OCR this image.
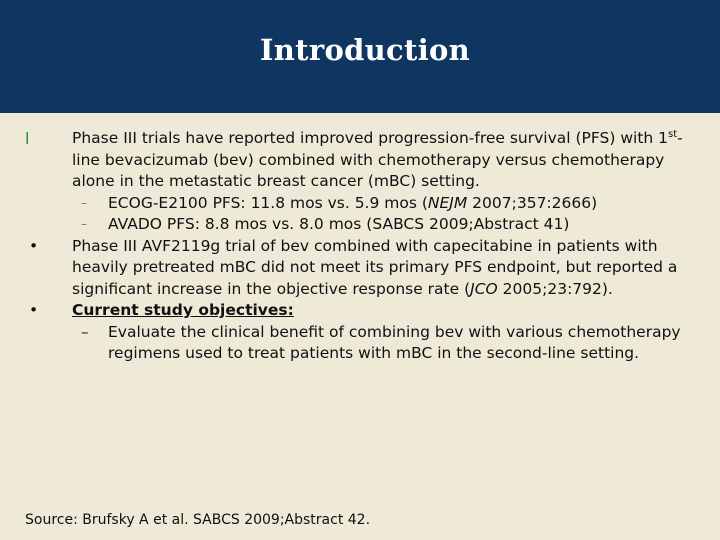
Introduction
l	Phase III trials have reported improved progression-free survival (PFS) with 1st-line bevacizumab (bev) combined with chemotherapy versus chemotherapy alone in the metastatic breast cancer (mBC) setting.
–	ECOG-E2100 PFS: 11.8 mos vs. 5.9 mos (NEJM 2007;357:2666)
–	AVADO PFS: 8.8 mos vs. 8.0 mos (SABCS 2009;Abstract 41)
•	Phase III AVF2119g trial of bev combined with capecitabine in patients with heavily pretreated mBC did not meet its primary PFS endpoint, but reported a significant increase in the objective response rate (JCO 2005;23:792).
•	Current study objectives:
–	Evaluate the clinical benefit of combining bev with various chemotherapy regimens used to treat patients with mBC in the second-line setting.
Source: Brufsky A et al. SABCS 2009;Abstract 42.
